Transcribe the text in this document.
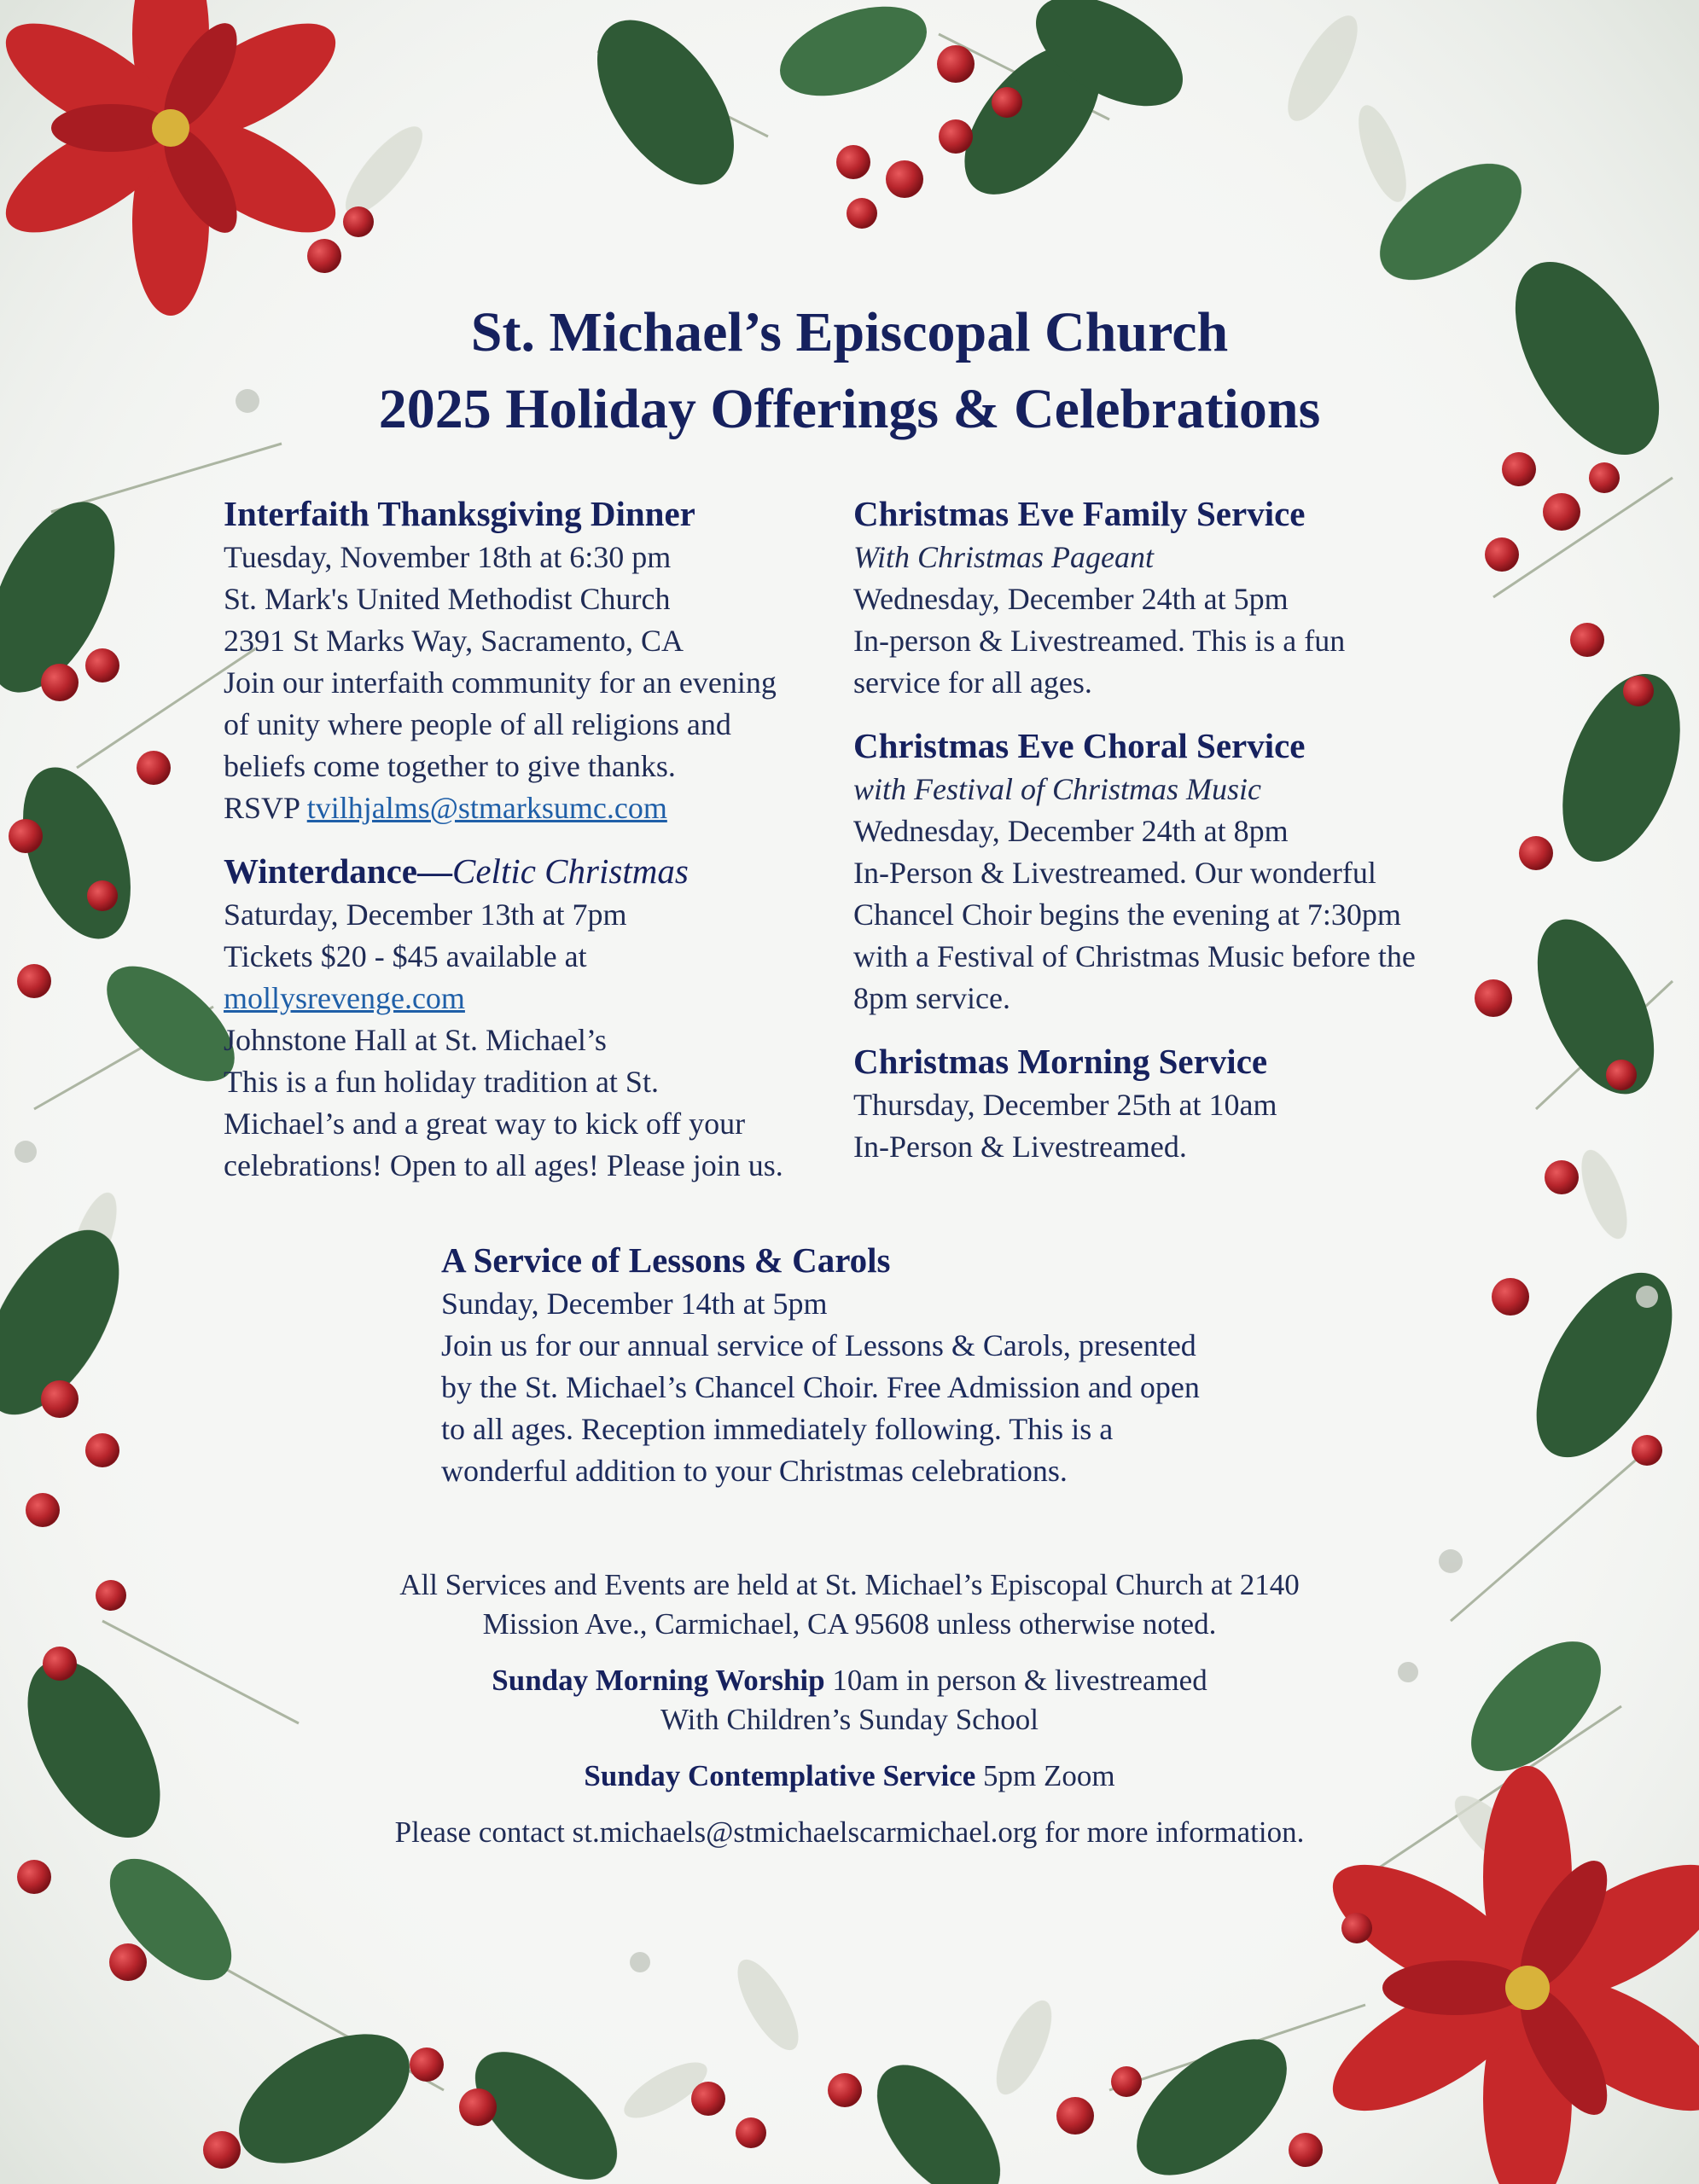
St. Michael’s Episcopal Church
2025 Holiday Offerings & Celebrations
Interfaith Thanksgiving Dinner
Tuesday, November 18th at 6:30 pm
St. Mark's United Methodist Church
2391 St Marks Way, Sacramento, CA
Join our interfaith community for an evening
of unity where people of all religions and
beliefs come together to give thanks.
RSVP tvilhjalms@stmarksumc.com
Winterdance—Celtic Christmas
Saturday, December 13th at 7pm
Tickets $20 - $45 available at
mollysrevenge.com
Johnstone Hall at St. Michael’s
This is a fun holiday tradition at St.
Michael’s and a great way to kick off your
celebrations! Open to all ages! Please join us.
Christmas Eve Family Service
With Christmas Pageant
Wednesday, December 24th at 5pm
In-person & Livestreamed. This is a fun
service for all ages.
Christmas Eve Choral Service
with Festival of Christmas Music
Wednesday, December 24th at 8pm
In-Person & Livestreamed. Our wonderful
Chancel Choir begins the evening at 7:30pm
with a Festival of Christmas Music before the
8pm service.
Christmas Morning Service
Thursday, December 25th at 10am
In-Person & Livestreamed.
A Service of Lessons & Carols
Sunday, December 14th at 5pm
Join us for our annual service of Lessons & Carols, presented
by the St. Michael’s Chancel Choir. Free Admission and open
to all ages. Reception immediately following. This is a
wonderful addition to your Christmas celebrations.

All Services and Events are held at St. Michael’s Episcopal Church at 2140
Mission Ave., Carmichael, CA 95608 unless otherwise noted.

Sunday Morning Worship 10am in person & livestreamed
With Children’s Sunday School

Sunday Contemplative Service 5pm Zoom

Please contact st.michaels@stmichaelscarmichael.org for more information.
